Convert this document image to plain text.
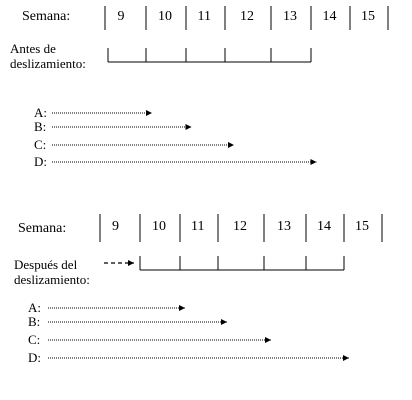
Semana:
Antes de
deslizamiento:
Semana:
Después del
deslizamiento:
9 10 11 12 13 14 15
A:
B:
C:
D:
9 10 11 12 13 14 15
A:
B:
C:
D:
